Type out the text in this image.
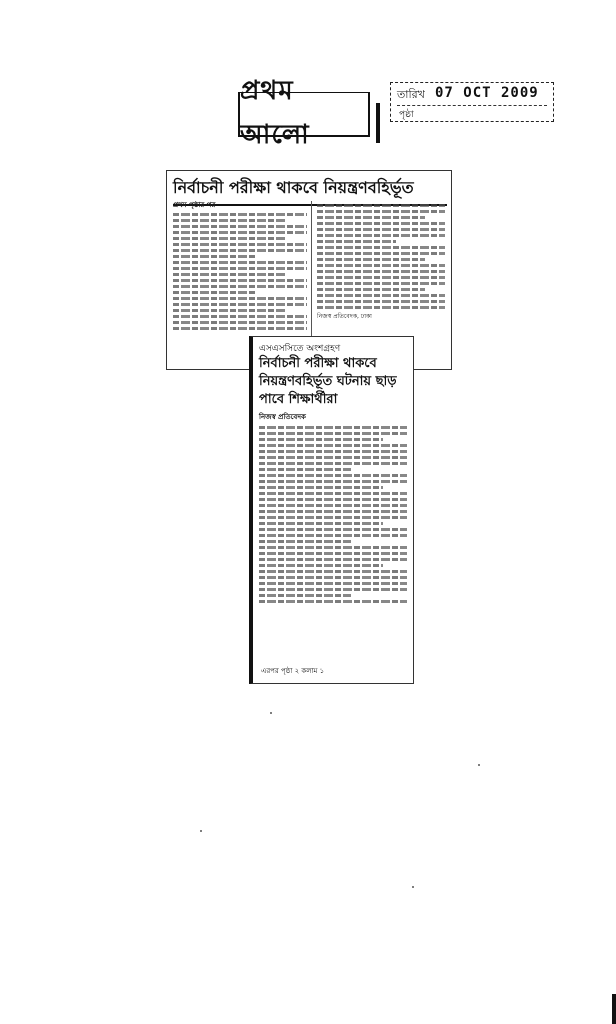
প্রথম আলো
তারিখ 07 OCT 2009
পৃষ্ঠা
নির্বাচনী পরীক্ষা থাকবে নিয়ন্ত্রণবহির্ভূত
প্রথম পৃষ্ঠার পর
নিজস্ব প্রতিবেদক, ঢাকা
এসএসসিতে অংশগ্রহণ
নির্বাচনী পরীক্ষা থাকবে নিয়ন্ত্রণবহির্ভূত ঘটনায় ছাড় পাবে শিক্ষার্থীরা
নিজস্ব প্রতিবেদক
এরপর পৃষ্ঠা ২ কলাম ১
